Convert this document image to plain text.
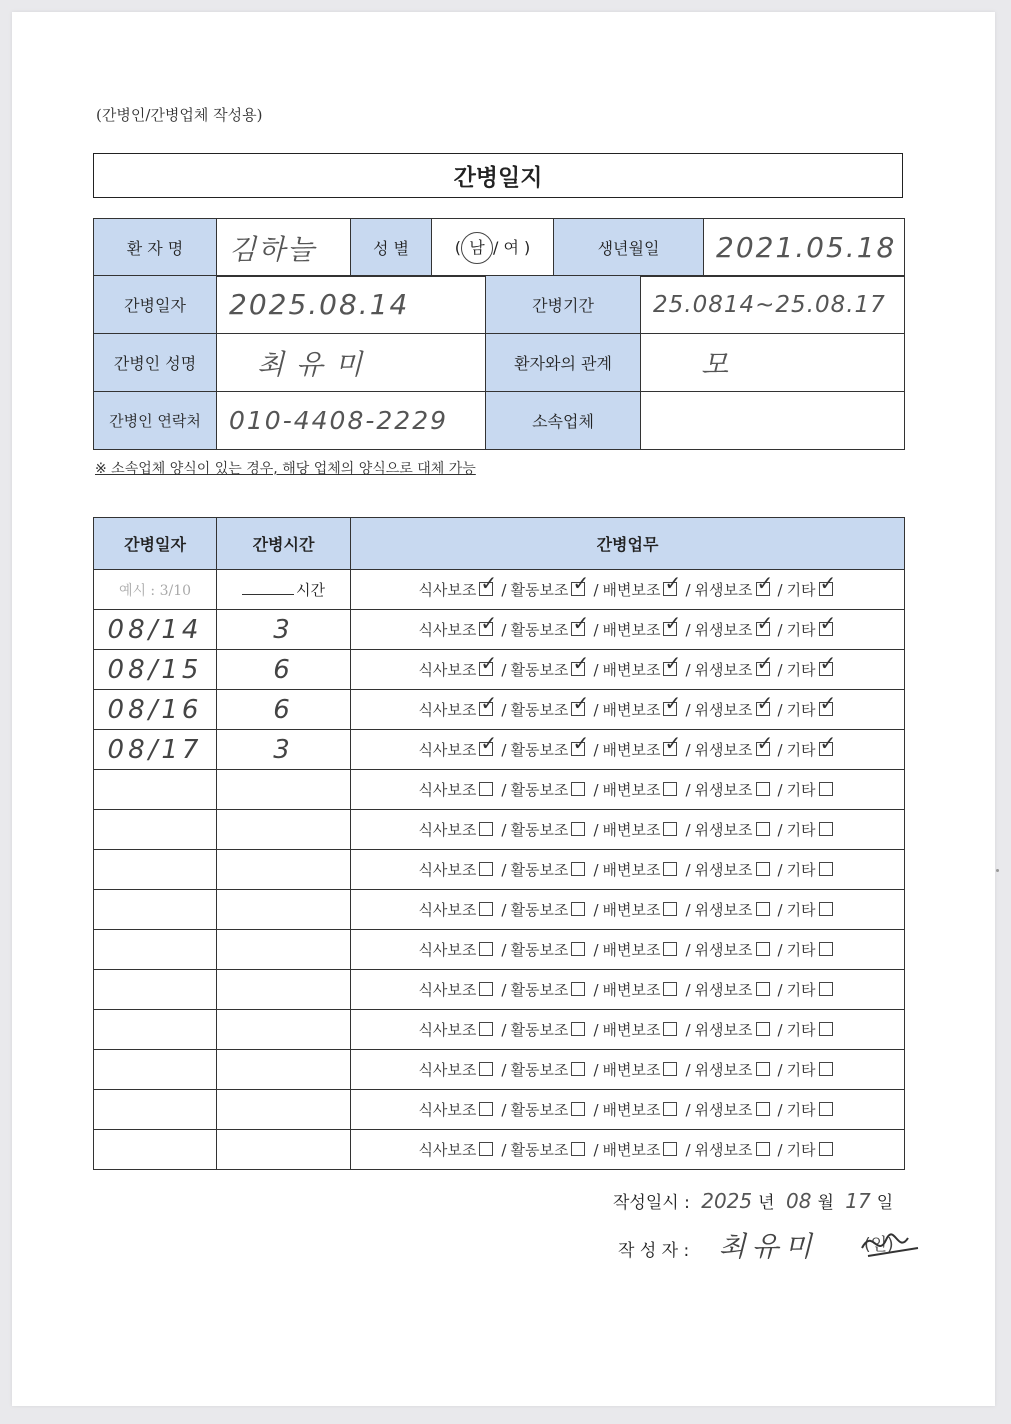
(간병인/간병업체 작성용)
간병일지
환 자 명	김하늘	성 별	( 남 / 여 )	생년월일	2021.05.18
간병일자	2025.08.14	간병기간	25.0814~25.08.17
간병인 성명	최유미	환자와의 관계	모
간병인 연락처	010-4408-2229	소속업체	
※ 소속업체 양식이 있는 경우, 해당 업체의 양식으로 대체 가능
간병일자	간병시간	간병업무
예시 : 3/10	시간	식사보조 ✓ / 활동보조 ✓ / 배변보조 ✓ / 위생보조 ✓ / 기타✓
08/14	3	식사보조 ✓ / 활동보조 ✓ / 배변보조 ✓ / 위생보조 ✓ / 기타✓
08/15	6	식사보조 ✓ / 활동보조 ✓ / 배변보조 ✓ / 위생보조 ✓ / 기타✓
08/16	6	식사보조 ✓ / 활동보조 ✓ / 배변보조 ✓ / 위생보조 ✓ / 기타✓
08/17	3	식사보조 ✓ / 활동보조 ✓ / 배변보조 ✓ / 위생보조 ✓ / 기타✓
		식사보조 / 활동보조 / 배변보조 / 위생보조 / 기타
		식사보조 / 활동보조 / 배변보조 / 위생보조 / 기타
		식사보조 / 활동보조 / 배변보조 / 위생보조 / 기타
		식사보조 / 활동보조 / 배변보조 / 위생보조 / 기타
		식사보조 / 활동보조 / 배변보조 / 위생보조 / 기타
		식사보조 / 활동보조 / 배변보조 / 위생보조 / 기타
		식사보조 / 활동보조 / 배변보조 / 위생보조 / 기타
		식사보조 / 활동보조 / 배변보조 / 위생보조 / 기타
		식사보조 / 활동보조 / 배변보조 / 위생보조 / 기타
		식사보조 / 활동보조 / 배변보조 / 위생보조 / 기타
작성일시 : 2025 년 08 월 17 일
작 성 자 : 최유미	(인)
